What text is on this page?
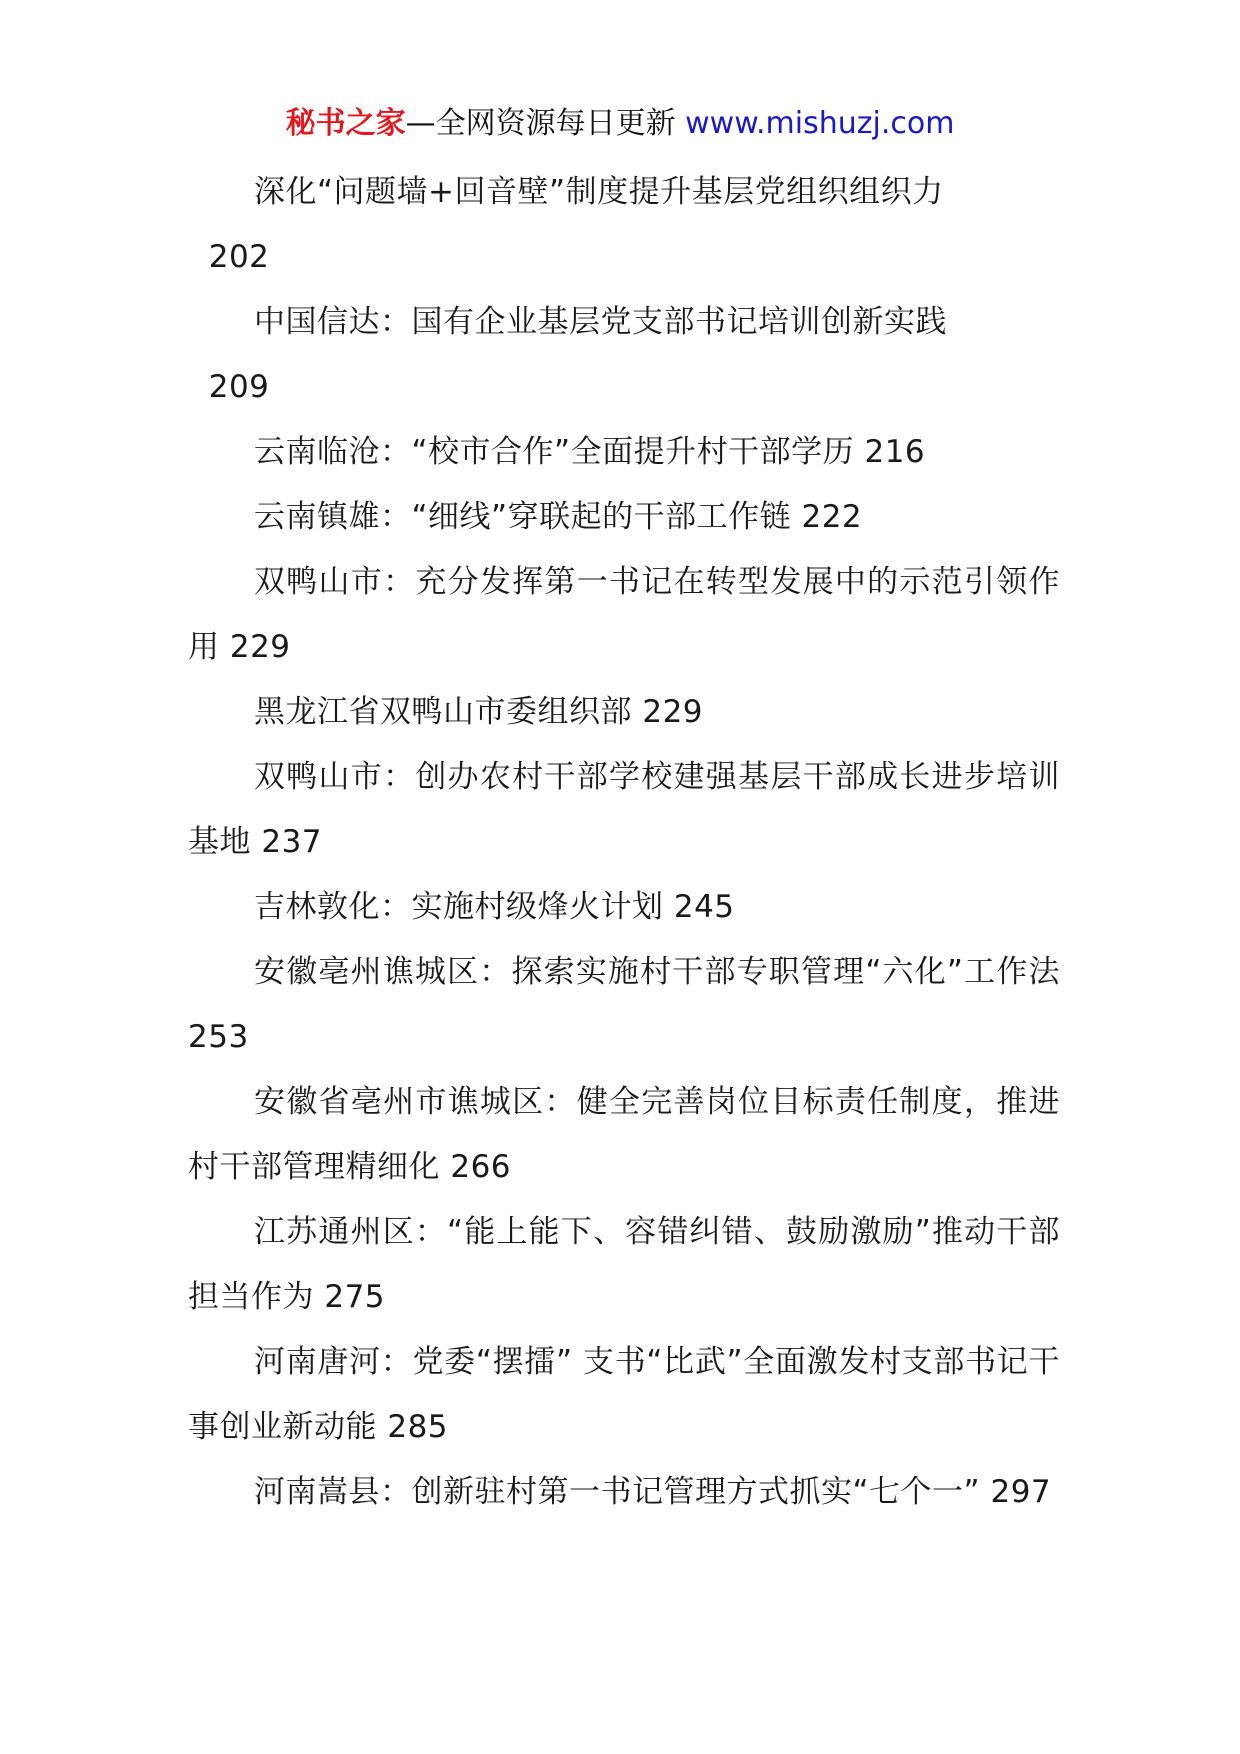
秘书之家—全网资源每日更新 www.mishuzj.com

深化“问题墙+回音壁”制度提升基层党组织组织力
202

中国信达：国有企业基层党支部书记培训创新实践
209

云南临沧：“校市合作”全面提升村干部学历 216

云南镇雄：“细线”穿联起的干部工作链 222

双鸭山市：充分发挥第一书记在转型发展中的示范引领作用 229

黑龙江省双鸭山市委组织部 229

双鸭山市：创办农村干部学校建强基层干部成长进步培训基地 237

吉林敦化：实施村级烽火计划 245

安徽亳州谯城区：探索实施村干部专职管理“六化”工作法 253

安徽省亳州市谯城区：健全完善岗位目标责任制度，推进村干部管理精细化 266

江苏通州区：“能上能下、容错纠错、鼓励激励”推动干部担当作为 275

河南唐河：党委“摆擂” 支书“比武”全面激发村支部书记干事创业新动能 285

河南嵩县：创新驻村第一书记管理方式抓实“七个一” 297
